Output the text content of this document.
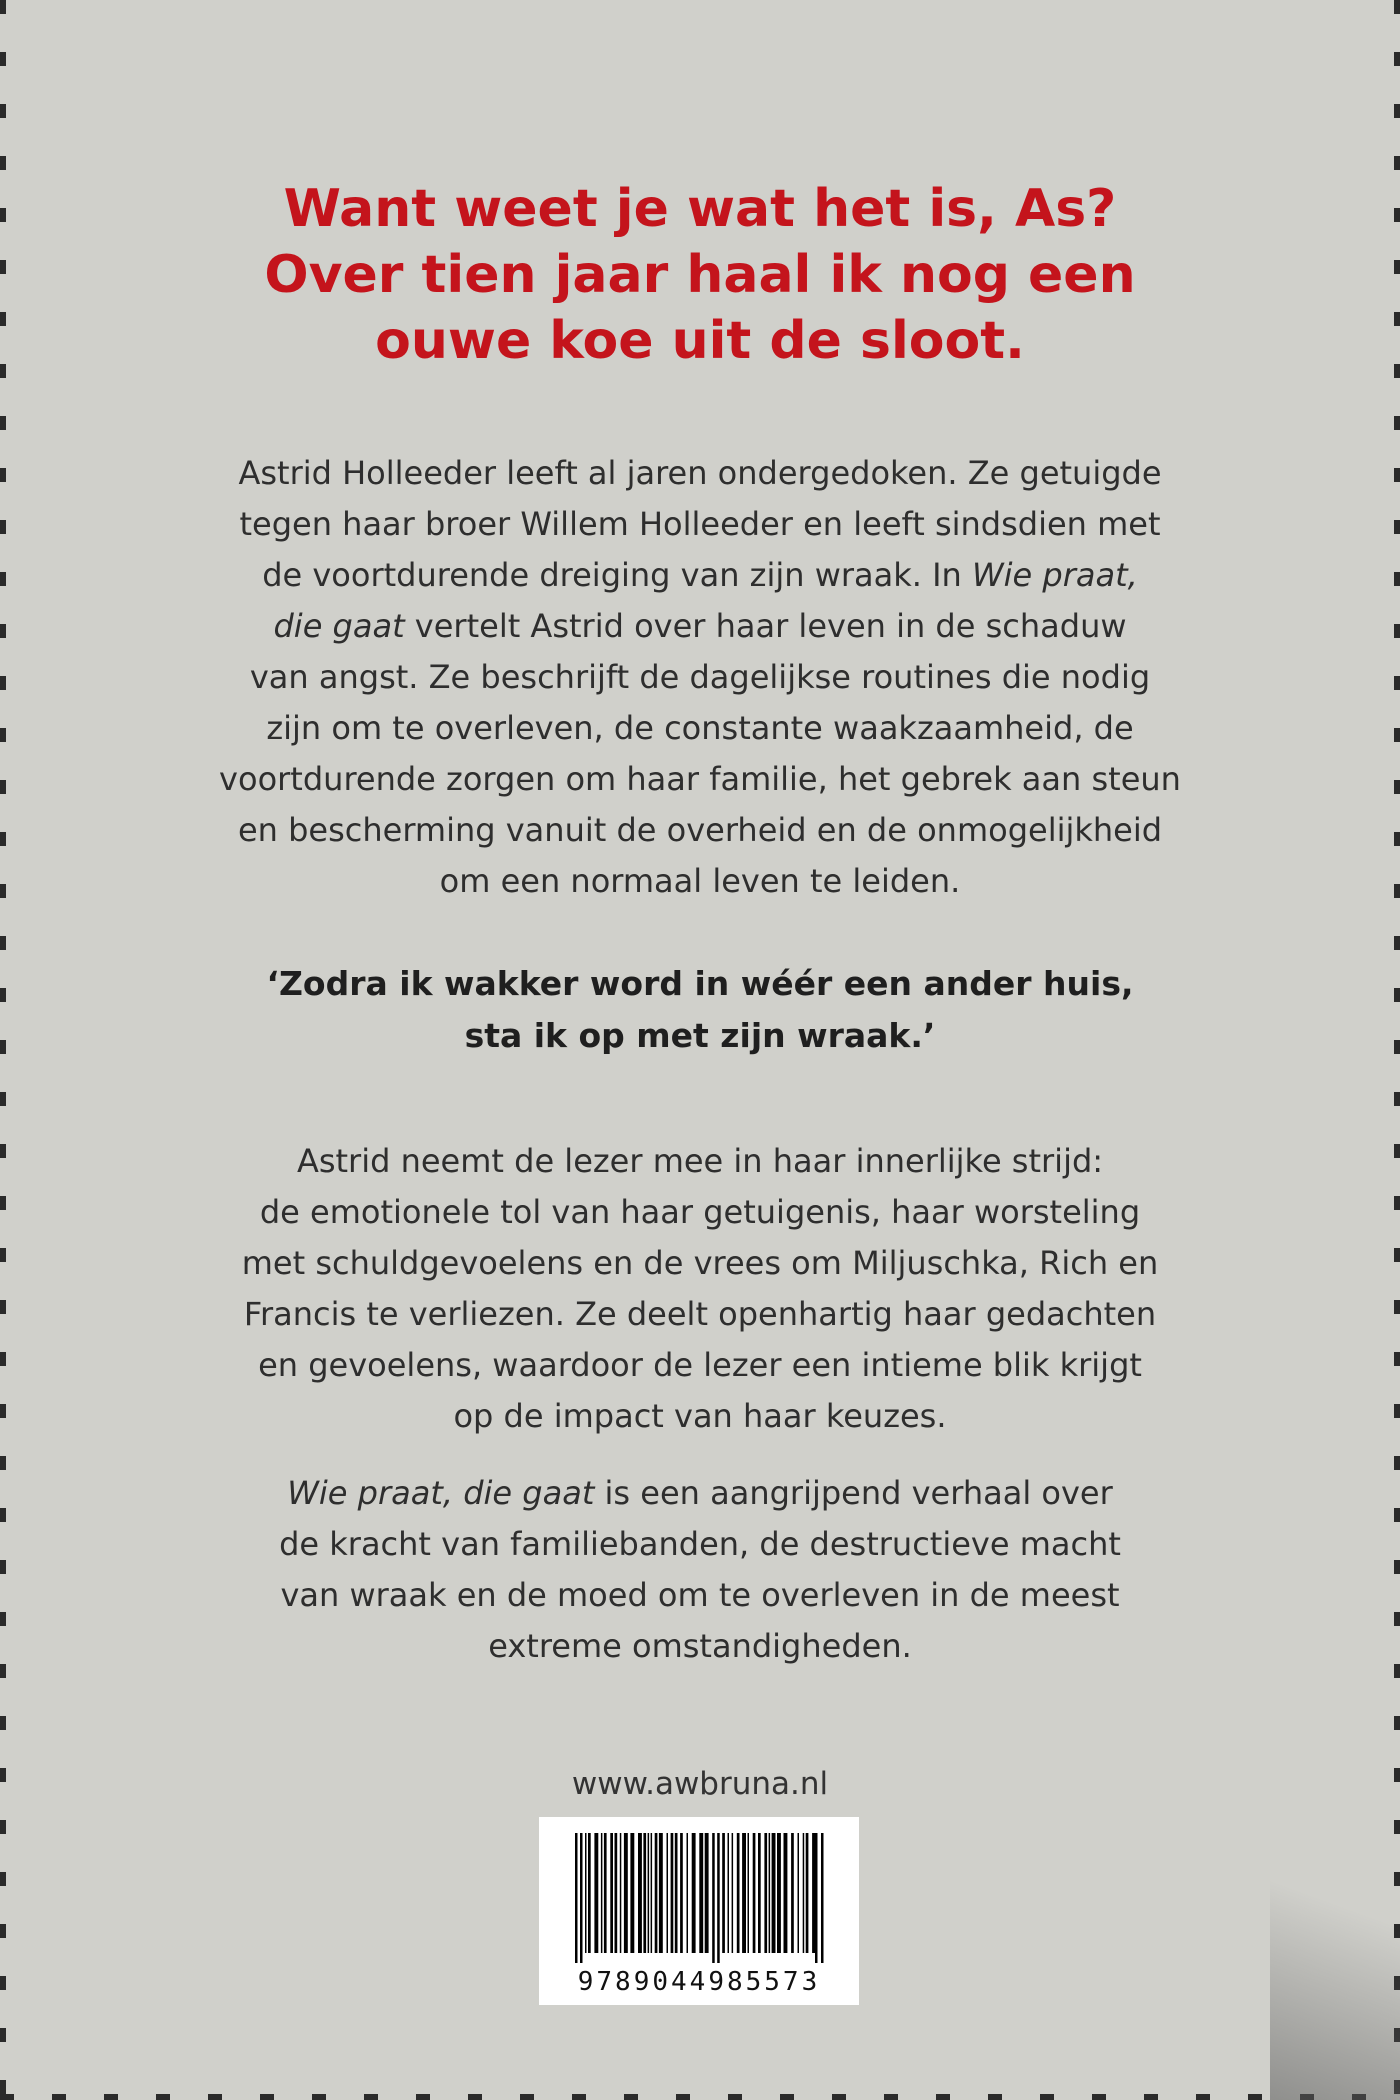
Want weet je wat het is, As?
Over tien jaar haal ik nog een
ouwe koe uit de sloot.
Astrid Holleeder leeft al jaren ondergedoken. Ze getuigde
tegen haar broer Willem Holleeder en leeft sindsdien met
de voortdurende dreiging van zijn wraak. In Wie praat,
die gaat vertelt Astrid over haar leven in de schaduw
van angst. Ze beschrijft de dagelijkse routines die nodig
zijn om te overleven, de constante waakzaamheid, de
voortdurende zorgen om haar familie, het gebrek aan steun
en bescherming vanuit de overheid en de onmogelijkheid
om een normaal leven te leiden.
‘Zodra ik wakker word in wéér een ander huis,
sta ik op met zijn wraak.’
Astrid neemt de lezer mee in haar innerlijke strijd:
de emotionele tol van haar getuigenis, haar worsteling
met schuldgevoelens en de vrees om Miljuschka, Rich en
Francis te verliezen. Ze deelt openhartig haar gedachten
en gevoelens, waardoor de lezer een intieme blik krijgt
op de impact van haar keuzes.
Wie praat, die gaat is een aangrijpend verhaal over
de kracht van familiebanden, de destructieve macht
van wraak en de moed om te overleven in de meest
extreme omstandigheden.
www.awbruna.nl
9789044985573
